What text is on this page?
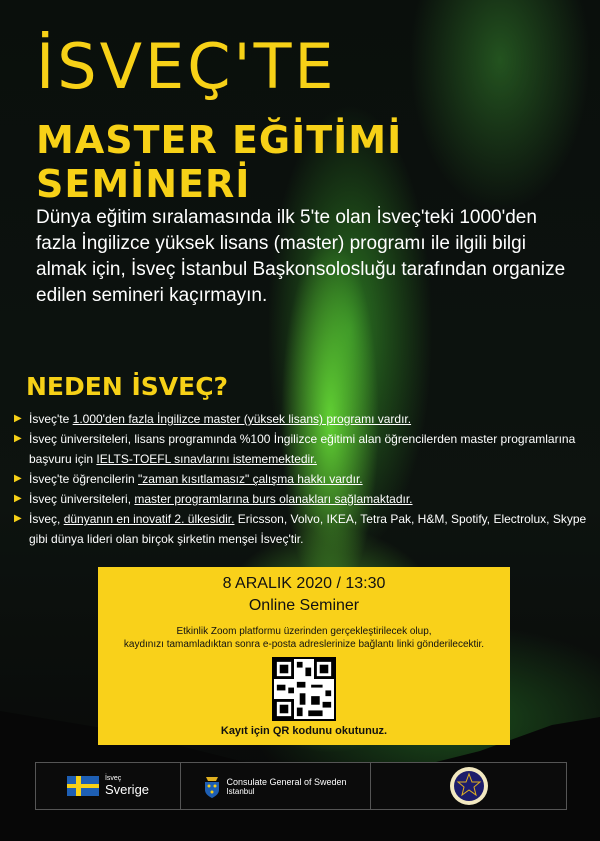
İSVEÇ'TE
MASTER EĞİTİMİ SEMİNERİ

Dünya eğitim sıralamasında ilk 5'te olan İsveç'teki 1000'den fazla İngilizce yüksek lisans (master) programı ile ilgili bilgi almak için, İsveç İstanbul Başkonsolosluğu tarafından organize edilen semineri kaçırmayın.

NEDEN İSVEÇ?
▶ İsveç'te 1.000'den fazla İngilizce master (yüksek lisans) programı vardır.
▶ İsveç üniversiteleri, lisans programında %100 İngilizce eğitimi alan öğrencilerden master programlarına başvuru için IELTS-TOEFL sınavlarını istememektedir.
▶ İsveç'te öğrencilerin "zaman kısıtlamasız" çalışma hakkı vardır.
▶ İsveç üniversiteleri, master programlarına burs olanakları sağlamaktadır.
▶ İsveç, dünyanın en inovatif 2. ülkesidir. Ericsson, Volvo, IKEA, Tetra Pak, H&M, Spotify, Electrolux, Skype gibi dünya lideri olan birçok şirketin menşei İsveç'tir.
8 ARALIK 2020 / 13:30
Online Seminer
Etkinlik Zoom platformu üzerinden gerçekleştirilecek olup,
kaydınızı tamamladıktan sonra e-posta adreslerinize bağlantı linki gönderilecektir.
Kayıt için QR kodunu okutunuz.
İsveç
Sverige
Consulate General of Sweden
Istanbul
